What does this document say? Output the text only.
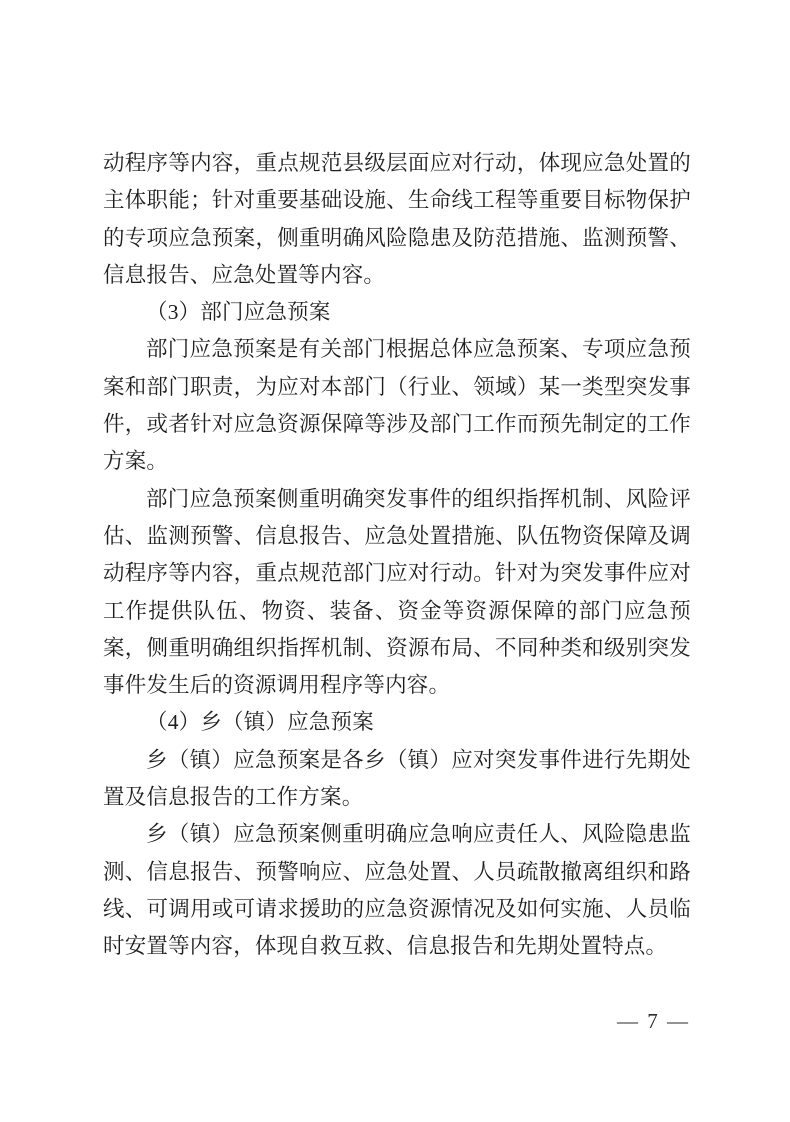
动程序等内容，重点规范县级层面应对行动，体现应急处置的主体职能；针对重要基础设施、生命线工程等重要目标物保护的专项应急预案，侧重明确风险隐患及防范措施、监测预警、信息报告、应急处置等内容。

（3）部门应急预案

部门应急预案是有关部门根据总体应急预案、专项应急预案和部门职责，为应对本部门（行业、领域）某一类型突发事件，或者针对应急资源保障等涉及部门工作而预先制定的工作方案。

部门应急预案侧重明确突发事件的组织指挥机制、风险评估、监测预警、信息报告、应急处置措施、队伍物资保障及调动程序等内容，重点规范部门应对行动。针对为突发事件应对工作提供队伍、物资、装备、资金等资源保障的部门应急预案，侧重明确组织指挥机制、资源布局、不同种类和级别突发事件发生后的资源调用程序等内容。

（4）乡（镇）应急预案

乡（镇）应急预案是各乡（镇）应对突发事件进行先期处置及信息报告的工作方案。

乡（镇）应急预案侧重明确应急响应责任人、风险隐患监测、信息报告、预警响应、应急处置、人员疏散撤离组织和路线、可调用或可请求援助的应急资源情况及如何实施、人员临时安置等内容，体现自救互救、信息报告和先期处置特点。

— 7 —
